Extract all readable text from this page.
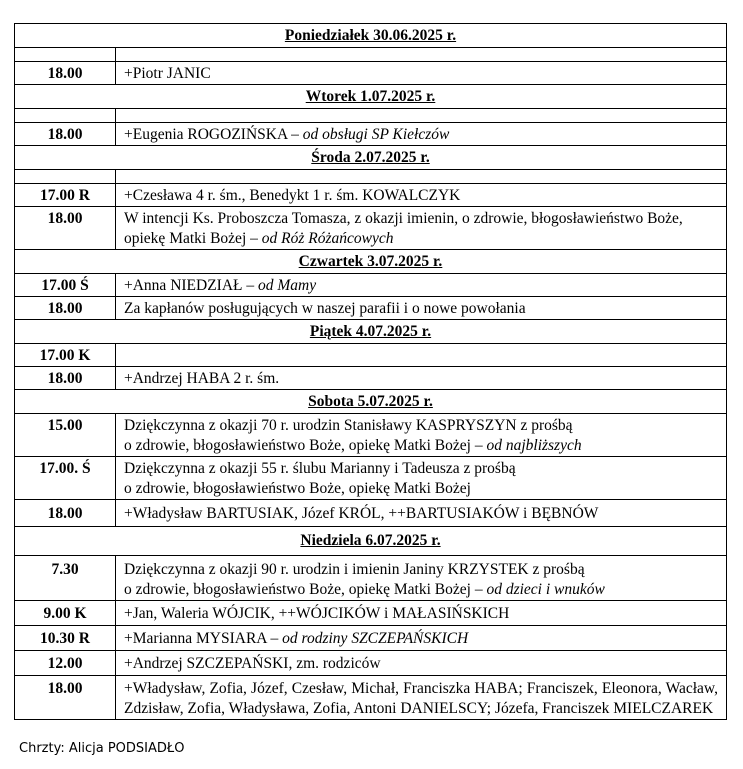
Poniedziałek 30.06.2025 r.	

18.00	+Piotr JANIC
Wtorek 1.07.2025 r.	

18.00	+Eugenia ROGOZIŃSKA – od obsługi SP Kiełczów
Środa 2.07.2025 r.	

17.00 R	+Czesława 4 r. śm., Benedykt 1 r. śm. KOWALCZYK
18.00	W intencji Ks. Proboszcza Tomasza, z okazji imienin, o zdrowie, błogosławieństwo Boże, opiekę Matki Bożej – od Róż Różańcowych
Czwartek 3.07.2025 r.	
17.00 Ś	+Anna NIEDZIAŁ – od Mamy
18.00	Za kapłanów posługujących w naszej parafii i o nowe powołania
Piątek 4.07.2025 r.	
17.00 K	
18.00	+Andrzej HABA 2 r. śm.
Sobota 5.07.2025 r.	
15.00	Dziękczynna z okazji 70 r. urodzin Stanisławy KASPRYSZYN z prośbą
o zdrowie, błogosławieństwo Boże, opiekę Matki Bożej – od najbliższych
17.00. Ś	Dziękczynna z okazji 55 r. ślubu Marianny i Tadeusza z prośbą
o zdrowie, błogosławieństwo Boże, opiekę Matki Bożej
18.00	+Władysław BARTUSIAK, Józef KRÓL, ++BARTUSIAKÓW i BĘBNÓW
Niedziela 6.07.2025 r.	
7.30	Dziękczynna z okazji 90 r. urodzin i imienin Janiny KRZYSTEK z prośbą
o zdrowie, błogosławieństwo Boże, opiekę Matki Bożej – od dzieci i wnuków
9.00 K	+Jan, Waleria WÓJCIK, ++WÓJCIKÓW i MAŁASIŃSKICH
10.30 R	+Marianna MYSIARA – od rodziny SZCZEPAŃSKICH
12.00	+Andrzej SZCZEPAŃSKI, zm. rodziców
18.00	+Władysław, Zofia, Józef, Czesław, Michał, Franciszka HABA; Franciszek, Eleonora, Wacław, Zdzisław, Zofia, Władysława, Zofia, Antoni DANIELSCY; Józefa, Franciszek MIELCZAREK
Chrzty: Alicja PODSIADŁO
